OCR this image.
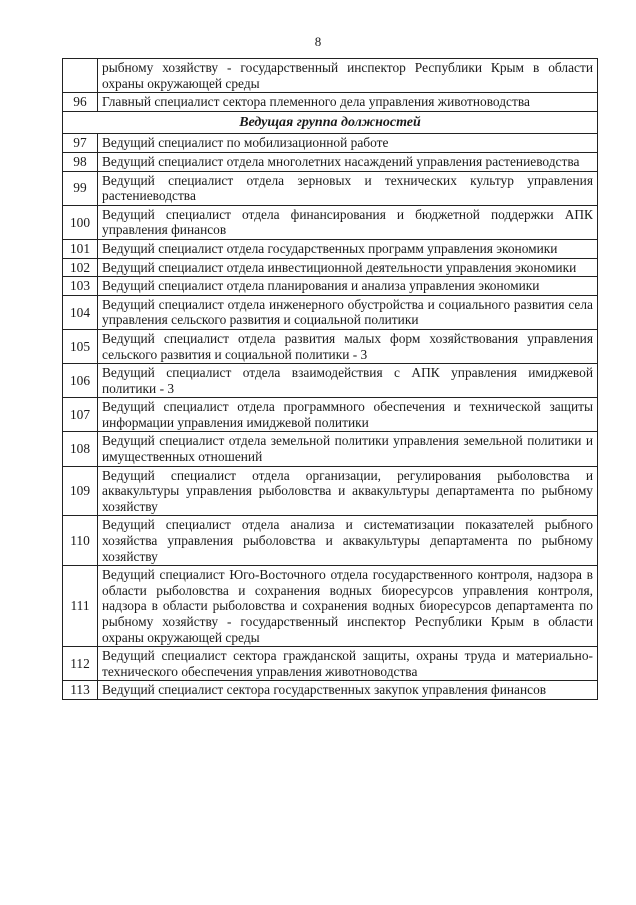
8
	рыбному хозяйству - государственный инспектор Республики Крым в области охраны окружающей среды
96	Главный специалист сектора племенного дела управления животноводства
Ведущая группа должностей	
97	Ведущий специалист по мобилизационной работе
98	Ведущий специалист отдела многолетних насаждений управления растениеводства
99	Ведущий специалист отдела зерновых и технических культур управления растениеводства
100	Ведущий специалист отдела финансирования и бюджетной поддержки АПК управления финансов
101	Ведущий специалист отдела государственных программ управления экономики
102	Ведущий специалист отдела инвестиционной деятельности управления экономики
103	Ведущий специалист отдела планирования и анализа управления экономики
104	Ведущий специалист отдела инженерного обустройства и социального развития села управления сельского развития и социальной политики
105	Ведущий специалист отдела развития малых форм хозяйствования управления сельского развития и социальной политики - 3
106	Ведущий специалист отдела взаимодействия с АПК управления имиджевой политики - 3
107	Ведущий специалист отдела программного обеспечения и технической защиты информации управления имиджевой политики
108	Ведущий специалист отдела земельной политики управления земельной политики и имущественных отношений
109	Ведущий специалист отдела организации, регулирования рыболовства и аквакультуры управления рыболовства и аквакультуры департамента по рыбному хозяйству
110	Ведущий специалист отдела анализа и систематизации показателей рыбного хозяйства управления рыболовства и аквакультуры департамента по рыбному хозяйству
111	Ведущий специалист Юго-Восточного отдела государственного контроля, надзора в области рыболовства и сохранения водных биоресурсов управления контроля, надзора в области рыболовства и сохранения водных биоресурсов департамента по рыбному хозяйству - государственный инспектор Республики Крым в области охраны окружающей среды
112	Ведущий специалист сектора гражданской защиты, охраны труда и материально-технического обеспечения управления животноводства
113	Ведущий специалист сектора государственных закупок управления финансов
